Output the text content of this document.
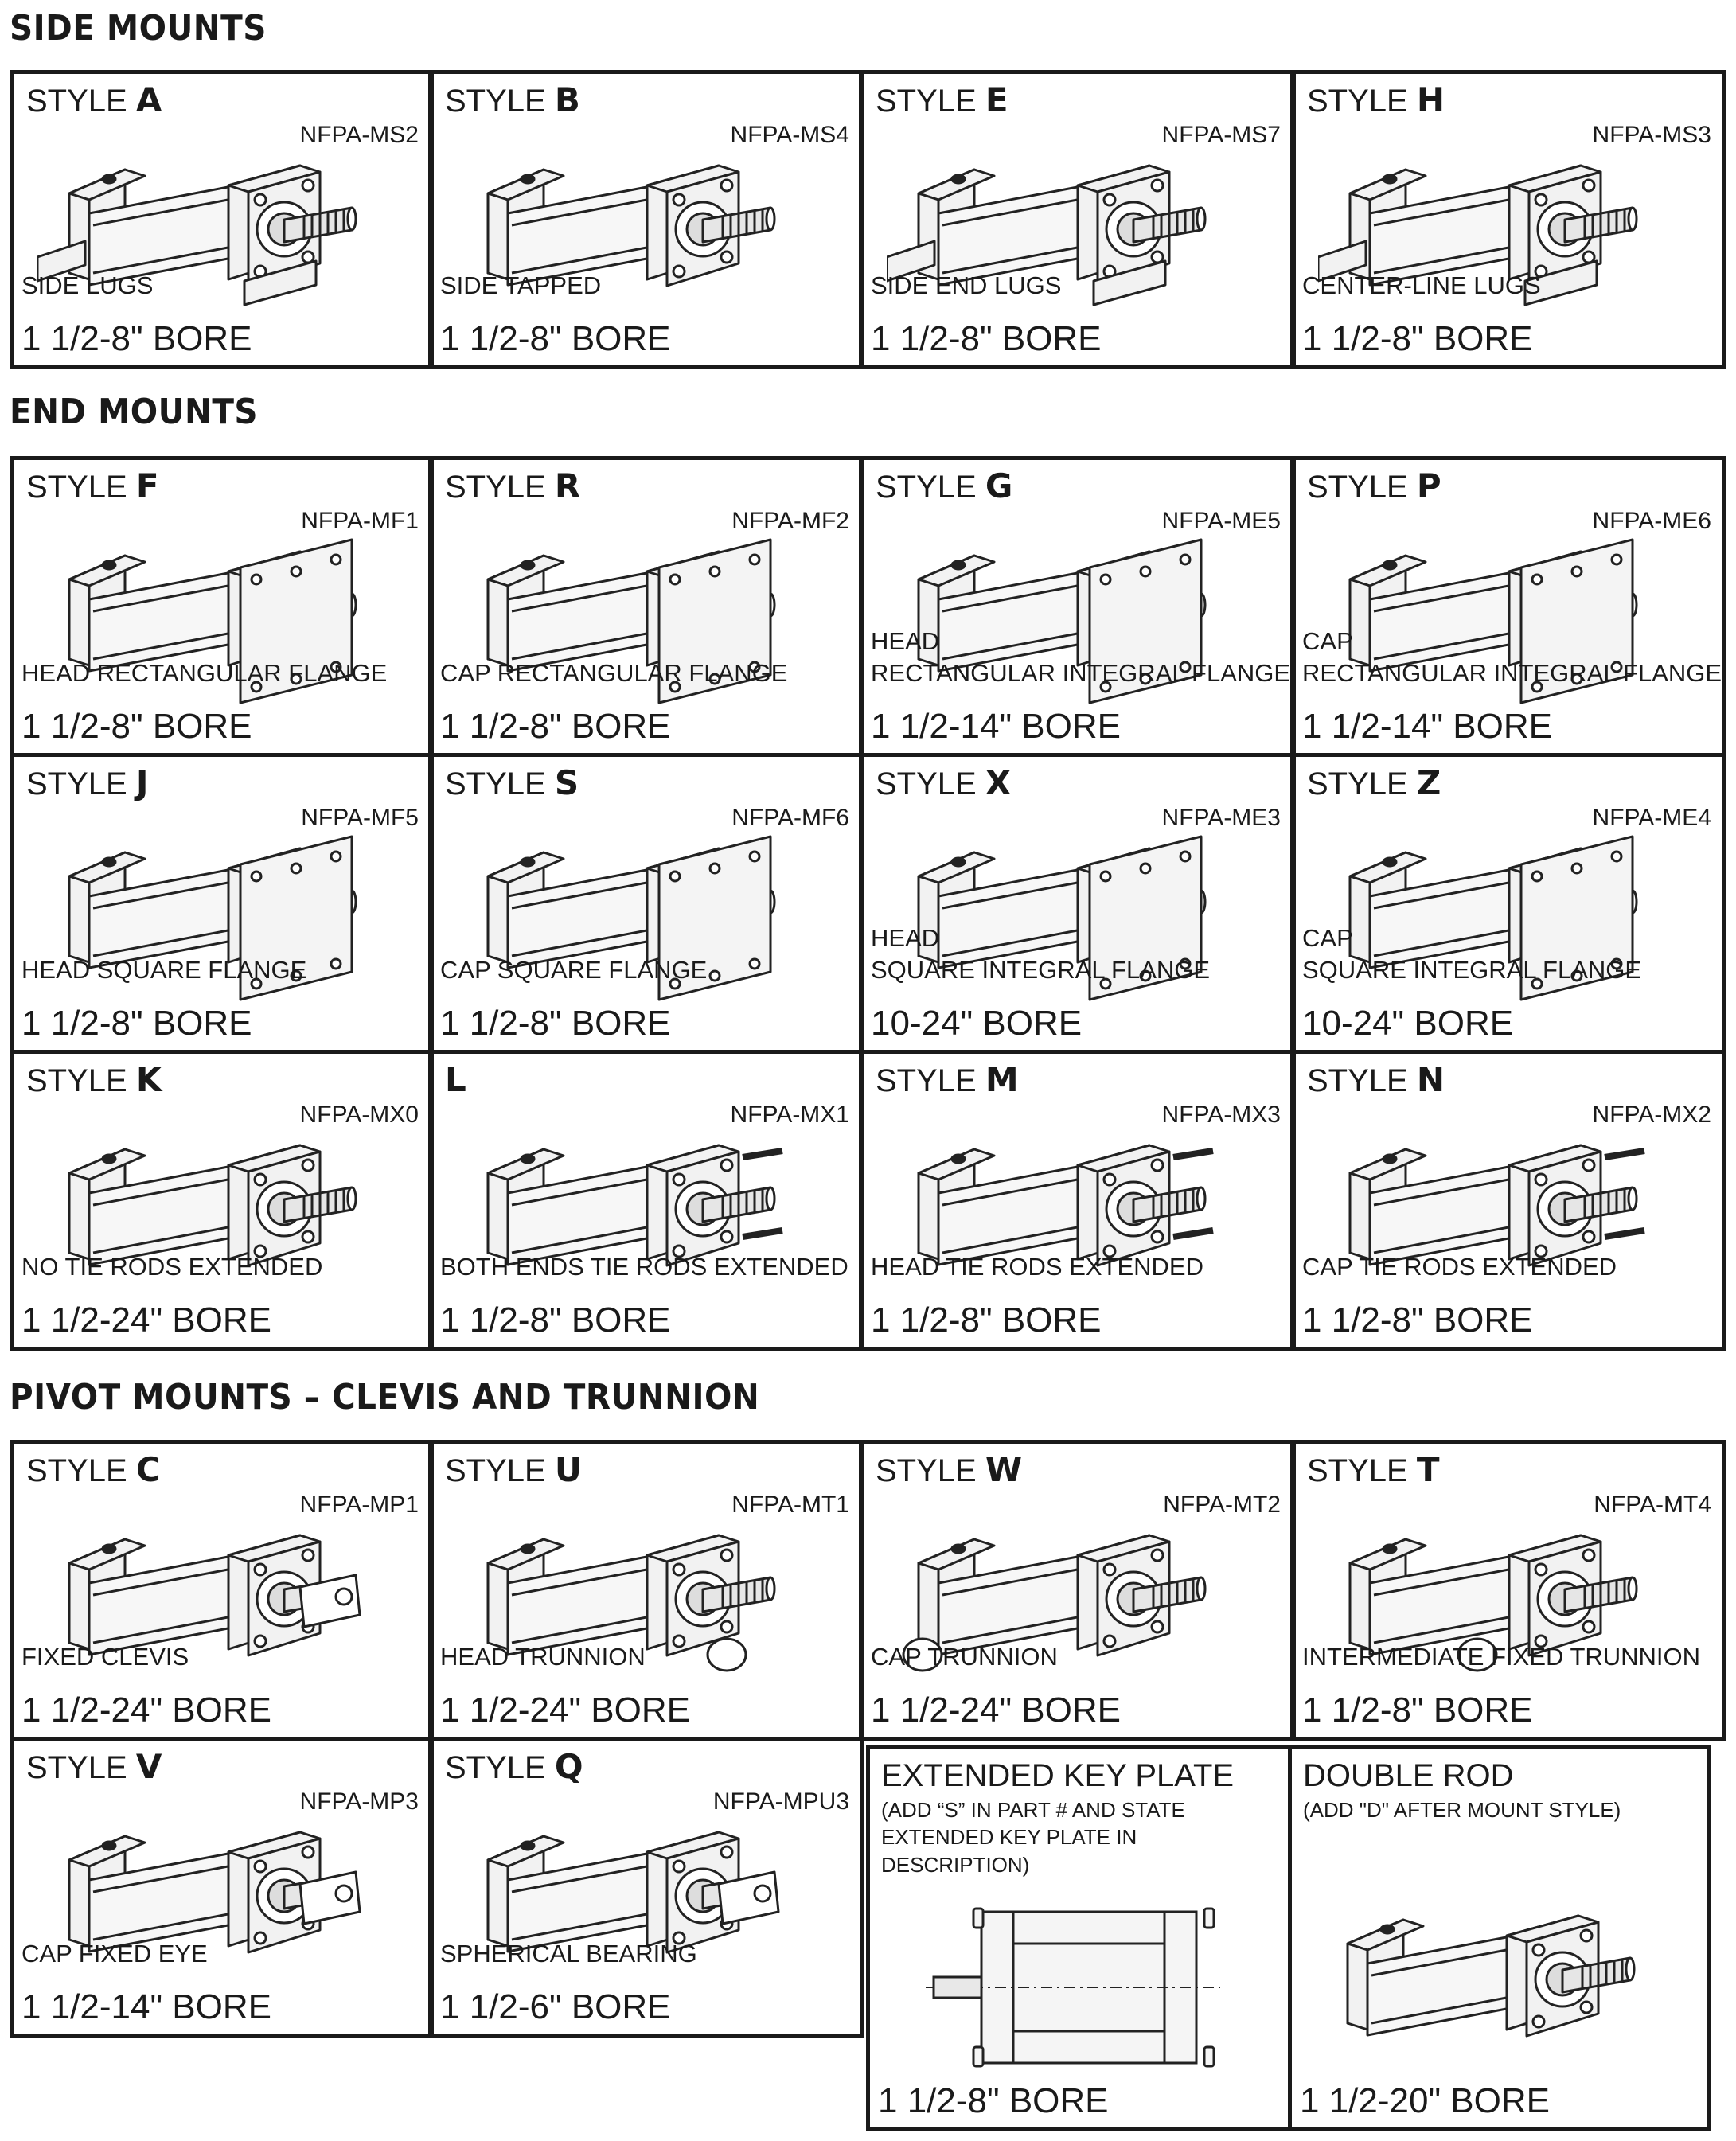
SIDE MOUNTS
END MOUNTS
PIVOT MOUNTS – CLEVIS AND TRUNNION
STYLE A
NFPA-MS2
SIDE LUGS
1 1/2-8" BORE
STYLE B
NFPA-MS4
SIDE TAPPED
1 1/2-8" BORE
STYLE E
NFPA-MS7
SIDE END LUGS
1 1/2-8" BORE
STYLE H
NFPA-MS3
CENTER-LINE LUGS
1 1/2-8" BORE
STYLE F
NFPA-MF1
HEAD RECTANGULAR FLANGE
1 1/2-8" BORE
STYLE R
NFPA-MF2
CAP RECTANGULAR FLANGE
1 1/2-8" BORE
STYLE G
NFPA-ME5
HEAD
RECTANGULAR INTEGRAL FLANGE
1 1/2-14" BORE
STYLE P
NFPA-ME6
CAP
RECTANGULAR INTEGRAL FLANGE
1 1/2-14" BORE
STYLE J
NFPA-MF5
HEAD SQUARE FLANGE
1 1/2-8" BORE
STYLE S
NFPA-MF6
CAP SQUARE FLANGE
1 1/2-8" BORE
STYLE X
NFPA-ME3
HEAD
SQUARE INTEGRAL FLANGE
10-24" BORE
STYLE Z
NFPA-ME4
CAP
SQUARE INTEGRAL FLANGE
10-24" BORE
STYLE K
NFPA-MX0
NO TIE RODS EXTENDED
1 1/2-24" BORE
L
NFPA-MX1
BOTH ENDS TIE RODS EXTENDED
1 1/2-8" BORE
STYLE M
NFPA-MX3
HEAD TIE RODS EXTENDED
1 1/2-8" BORE
STYLE N
NFPA-MX2
CAP TIE RODS EXTENDED
1 1/2-8" BORE
STYLE C
NFPA-MP1
FIXED CLEVIS
1 1/2-24" BORE
STYLE U
NFPA-MT1
HEAD TRUNNION
1 1/2-24" BORE
STYLE W
NFPA-MT2
CAP TRUNNION
1 1/2-24" BORE
STYLE T
NFPA-MT4
INTERMEDIATE FIXED TRUNNION
1 1/2-8" BORE
STYLE V
NFPA-MP3
CAP FIXED EYE
1 1/2-14" BORE
STYLE Q
NFPA-MPU3
SPHERICAL BEARING
1 1/2-6" BORE
EXTENDED KEY PLATE
(ADD “S” IN PART # AND STATE
EXTENDED KEY PLATE IN
DESCRIPTION)
1 1/2-8" BORE
DOUBLE ROD
(ADD "D" AFTER MOUNT STYLE)
1 1/2-20" BORE
